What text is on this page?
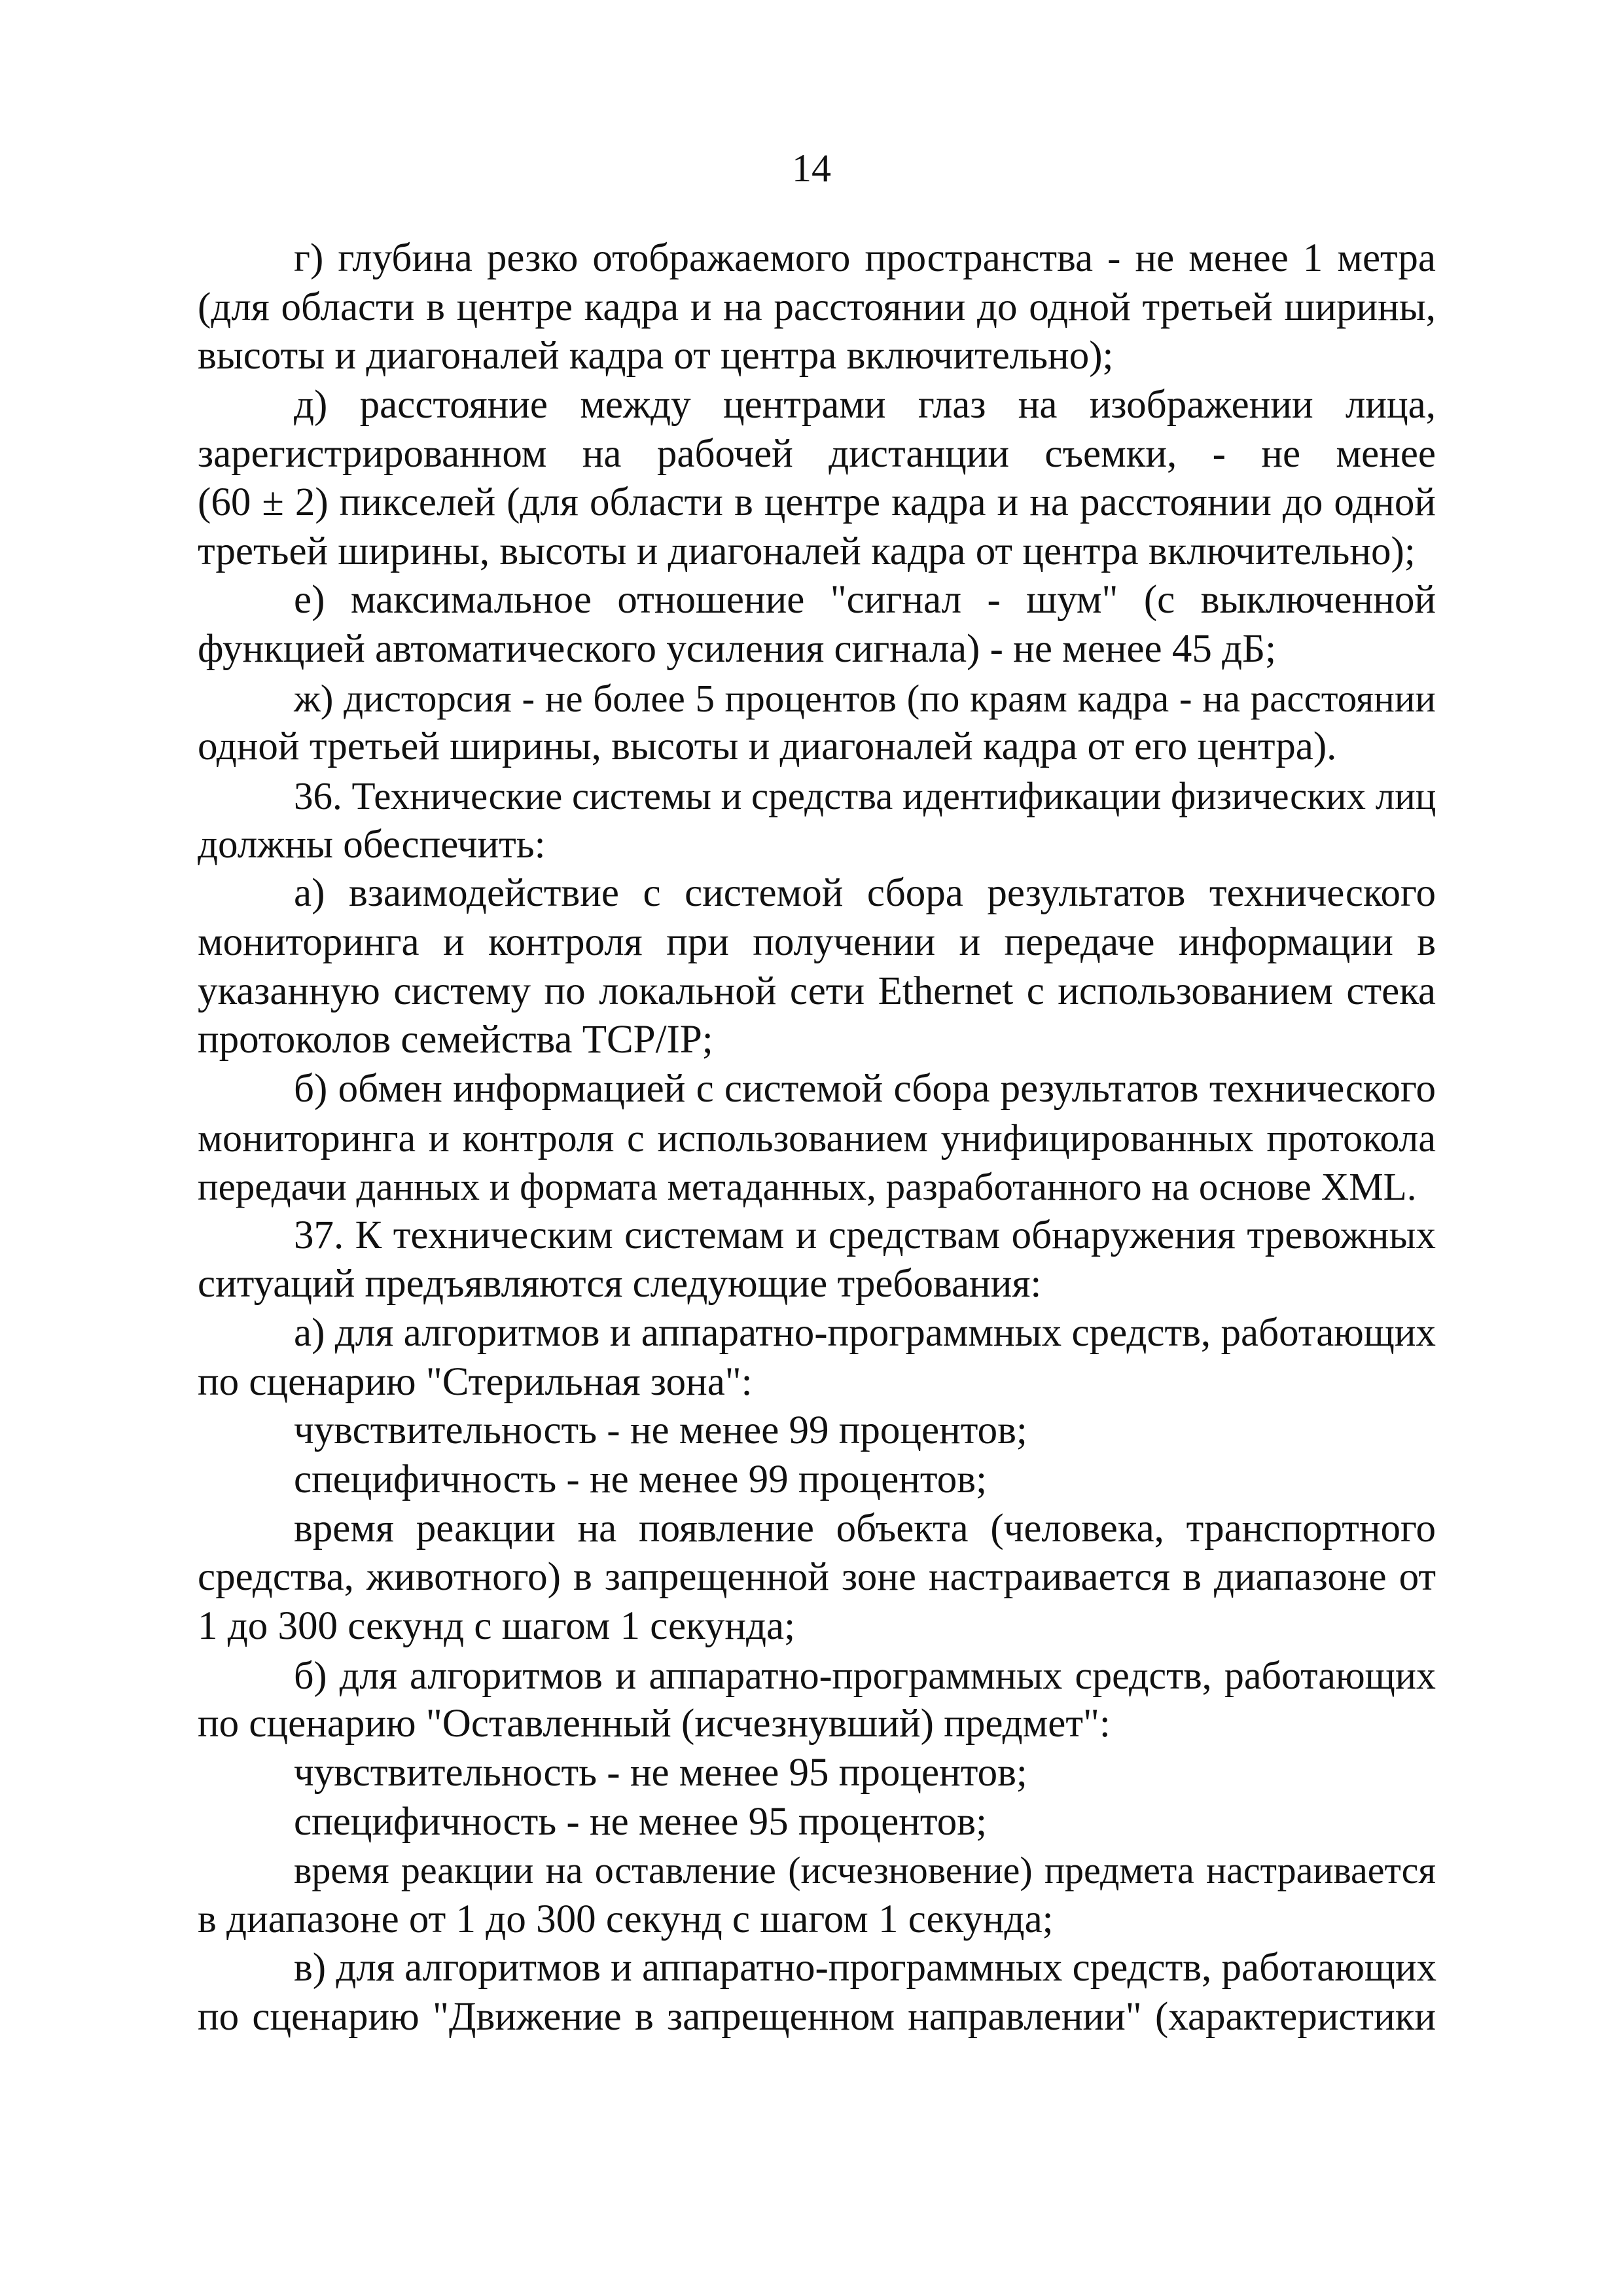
14
г) глубина резко отображаемого пространства - не менее 1 метра
(для области в центре кадра и на расстоянии до одной третьей ширины,
высоты и диагоналей кадра от центра включительно);
д) расстояние между центрами глаз на изображении лица,
зарегистрированном на рабочей дистанции съемки, - не менее
(60 ± 2) пикселей (для области в центре кадра и на расстоянии до одной
третьей ширины, высоты и диагоналей кадра от центра включительно);
е) максимальное отношение "сигнал - шум" (с выключенной
функцией автоматического усиления сигнала) - не менее 45 дБ;
ж) дисторсия - не более 5 процентов (по краям кадра - на расстоянии
одной третьей ширины, высоты и диагоналей кадра от его центра).
36. Технические системы и средства идентификации физических лиц
должны обеспечить:
а) взаимодействие с системой сбора результатов технического
мониторинга и контроля при получении и передаче информации в
указанную систему по локальной сети Ethernet с использованием стека
протоколов семейства TCP/IP;
б) обмен информацией с системой сбора результатов технического
мониторинга и контроля с использованием унифицированных протокола
передачи данных и формата метаданных, разработанного на основе XML.
37. К техническим системам и средствам обнаружения тревожных
ситуаций предъявляются следующие требования:
а) для алгоритмов и аппаратно-программных средств, работающих
по сценарию "Стерильная зона":
чувствительность - не менее 99 процентов;
специфичность - не менее 99 процентов;
время реакции на появление объекта (человека, транспортного
средства, животного) в запрещенной зоне настраивается в диапазоне от
1 до 300 секунд с шагом 1 секунда;
б) для алгоритмов и аппаратно-программных средств, работающих
по сценарию "Оставленный (исчезнувший) предмет":
чувствительность - не менее 95 процентов;
специфичность - не менее 95 процентов;
время реакции на оставление (исчезновение) предмета настраивается
в диапазоне от 1 до 300 секунд с шагом 1 секунда;
в) для алгоритмов и аппаратно-программных средств, работающих
по сценарию "Движение в запрещенном направлении" (характеристики
